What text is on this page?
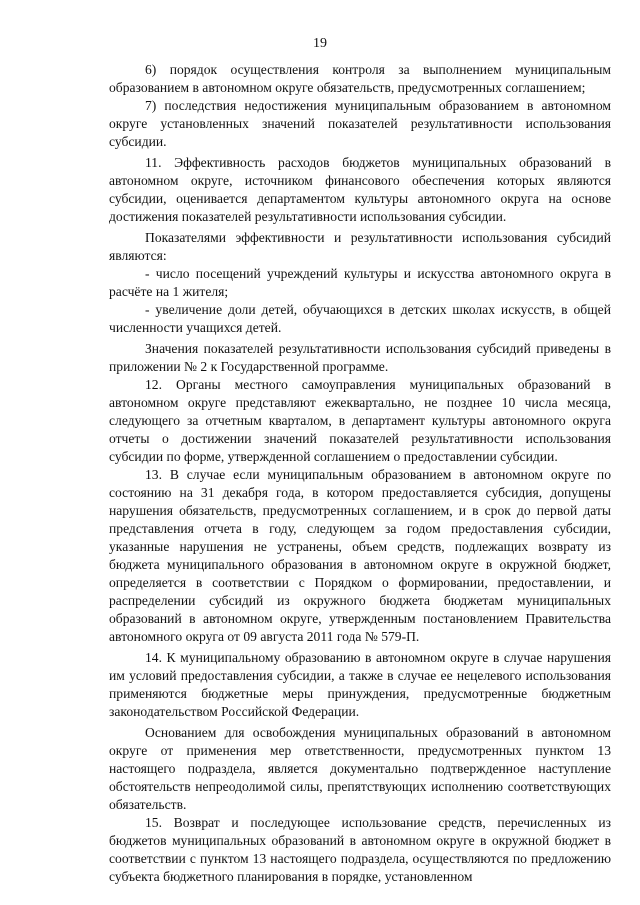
19

6) порядок осуществления контроля за выполнением муниципальным образованием в автономном округе обязательств, предусмотренных соглашением;

7) последствия недостижения муниципальным образованием в автономном округе установленных значений показателей результативности использования субсидии.

11. Эффективность расходов бюджетов муниципальных образований в автономном округе, источником финансового обеспечения которых являются субсидии, оценивается департаментом культуры автономного округа на основе достижения показателей результативности использования субсидии.

Показателями эффективности и результативности использования субсидий являются:

- число посещений учреждений культуры и искусства автономного округа в расчёте на 1 жителя;

- увеличение доли детей, обучающихся в детских школах искусств, в общей численности учащихся детей.

Значения показателей результативности использования субсидий приведены в приложении № 2 к Государственной программе.

12. Органы местного самоуправления муниципальных образований в автономном округе представляют ежеквартально, не позднее 10 числа месяца, следующего за отчетным кварталом, в департамент культуры автономного округа отчеты о достижении значений показателей результативности использования субсидии по форме, утвержденной соглашением о предоставлении субсидии.

13. В случае если муниципальным образованием в автономном округе по состоянию на 31 декабря года, в котором предоставляется субсидия, допущены нарушения обязательств, предусмотренных соглашением, и в срок до первой даты представления отчета в году, следующем за годом предоставления субсидии, указанные нарушения не устранены, объем средств, подлежащих возврату из бюджета муниципального образования в автономном округе в окружной бюджет, определяется в соответствии с Порядком о формировании, предоставлении, и распределении субсидий из окружного бюджета бюджетам муниципальных образований в автономном округе, утвержденным постановлением Правительства автономного округа от 09 августа 2011 года № 579-П.

14. К муниципальному образованию в автономном округе в случае нарушения им условий предоставления субсидии, а также в случае ее нецелевого использования применяются бюджетные меры принуждения, предусмотренные бюджетным законодательством Российской Федерации.

Основанием для освобождения муниципальных образований в автономном округе от применения мер ответственности, предусмотренных пунктом 13 настоящего подраздела, является документально подтвержденное наступление обстоятельств непреодолимой силы, препятствующих исполнению соответствующих обязательств.

15. Возврат и последующее использование средств, перечисленных из бюджетов муниципальных образований в автономном округе в окружной бюджет в соответствии с пунктом 13 настоящего подраздела, осуществляются по предложению субъекта бюджетного планирования в порядке, установленном
